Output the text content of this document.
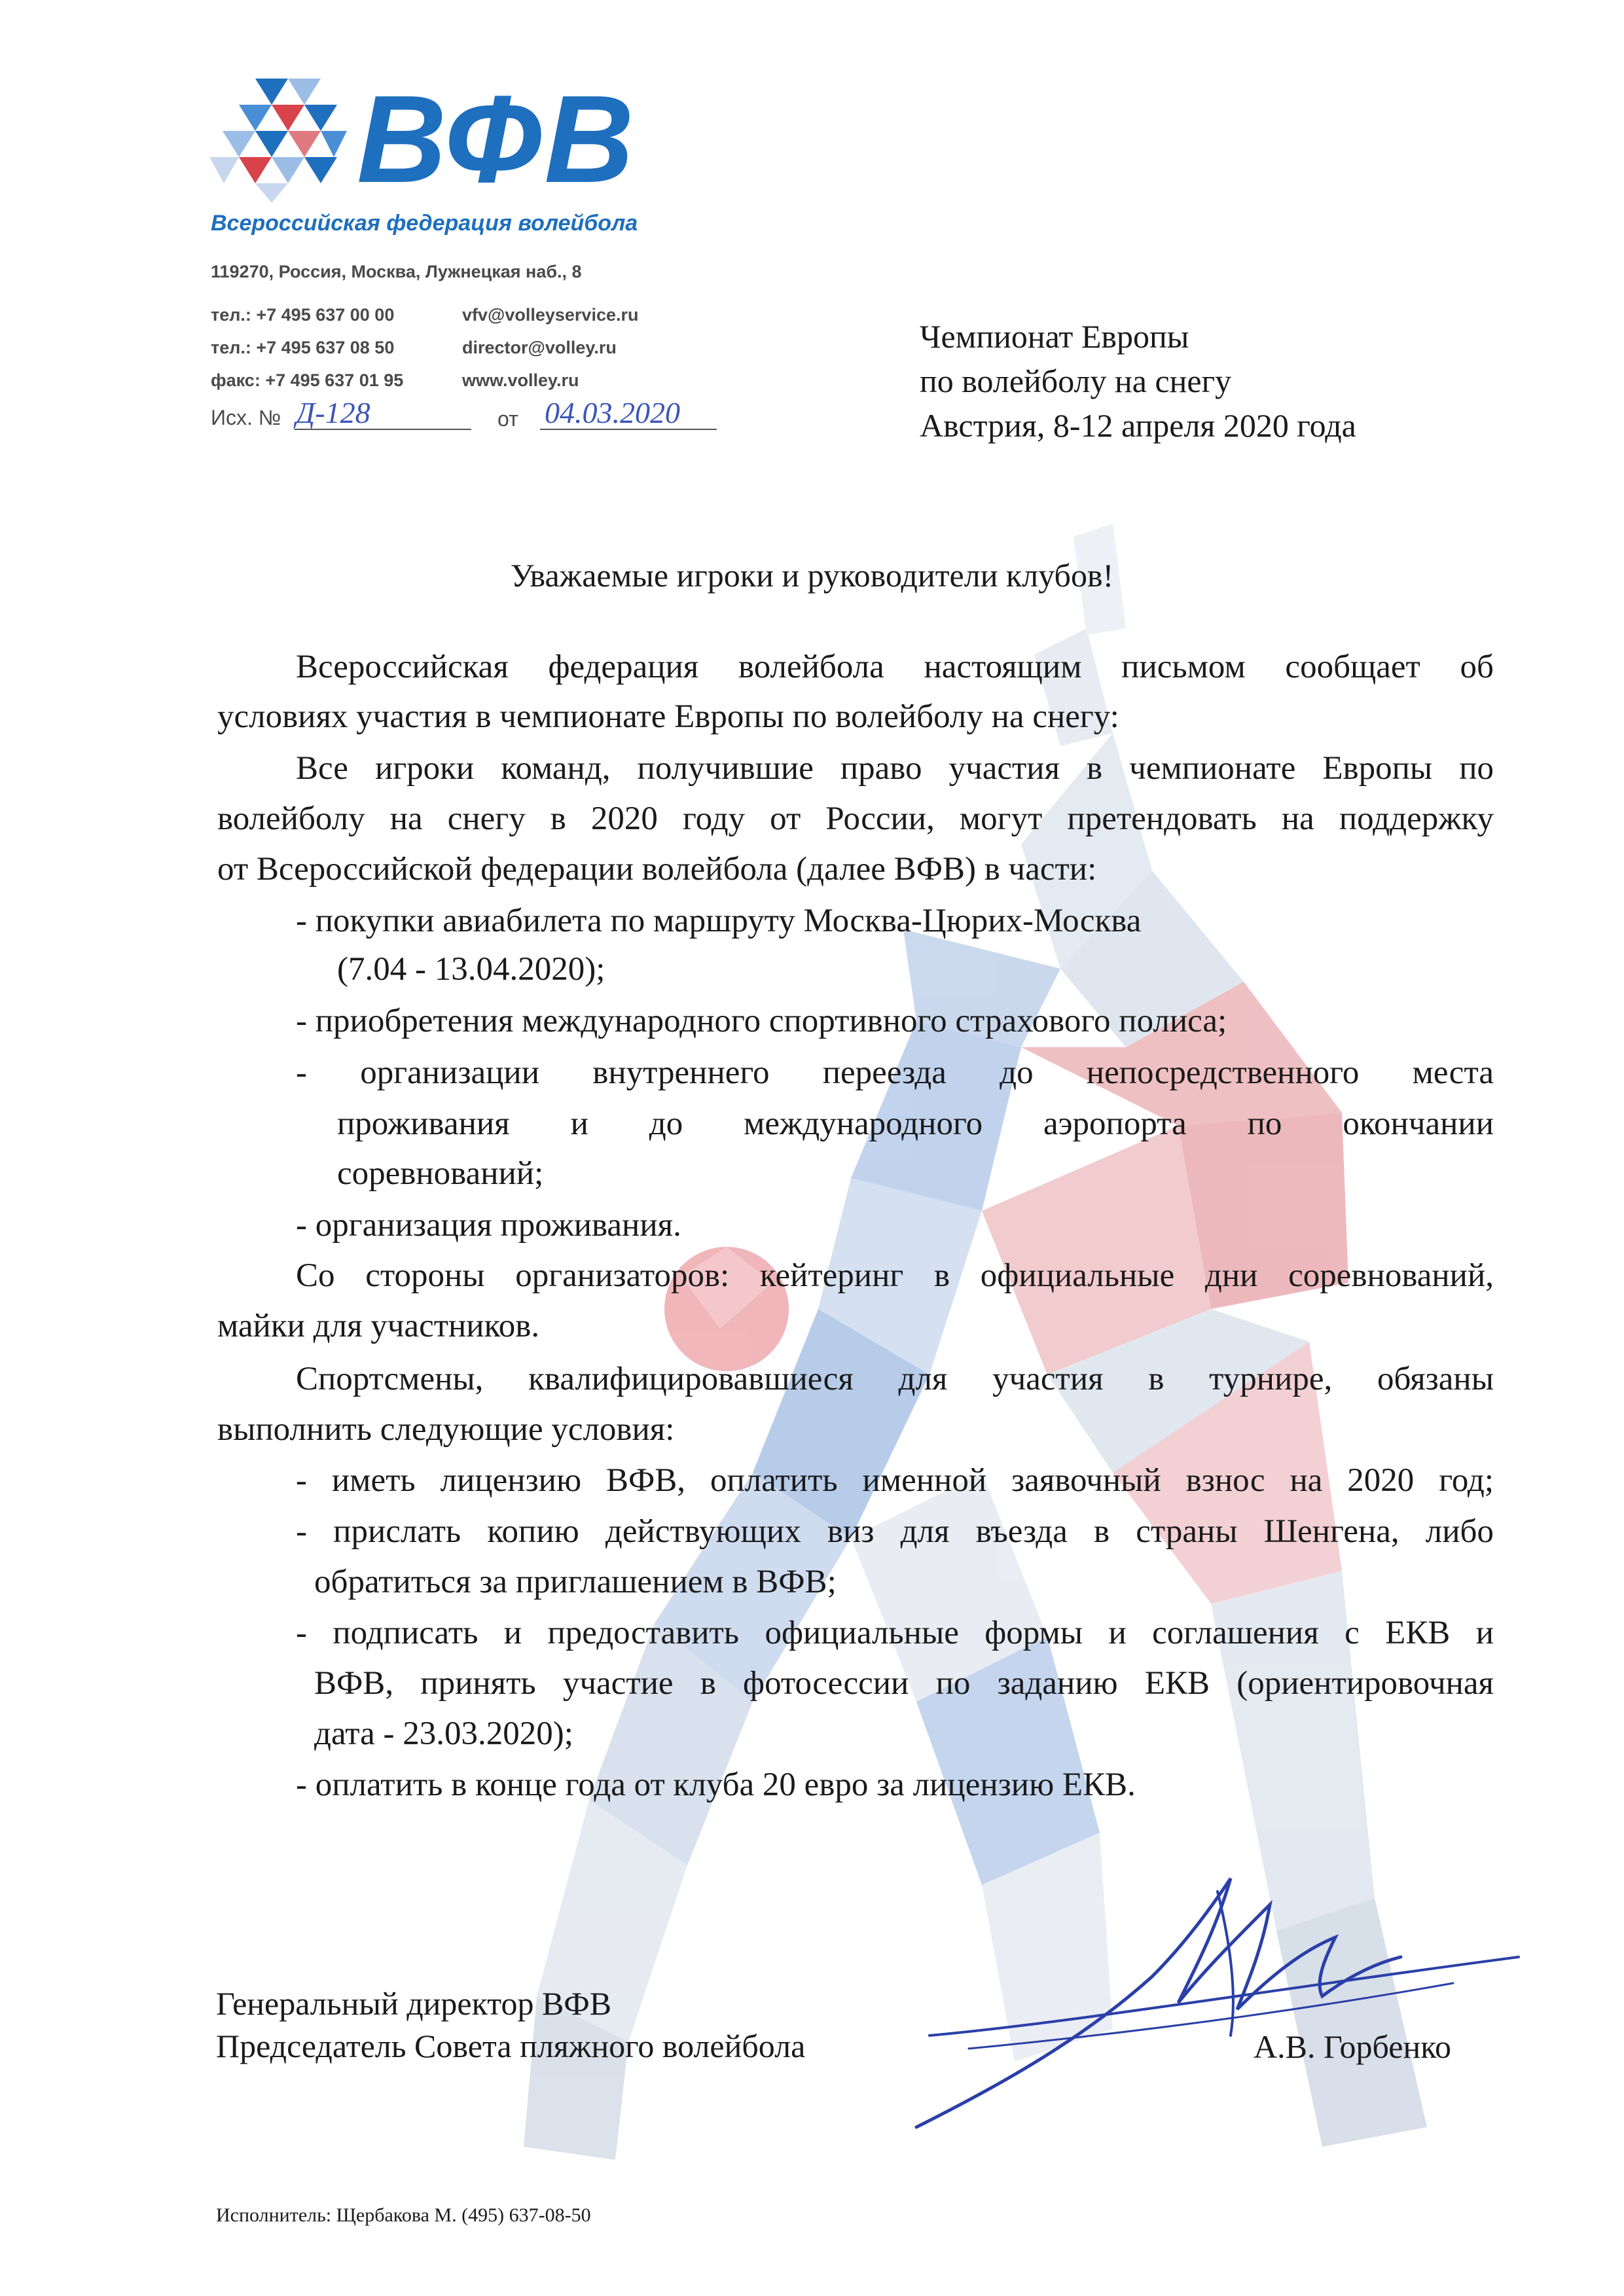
ВФВ
Всероссийская федерация волейбола
119270, Россия, Москва, Лужнецкая наб., 8
тел.: +7 495 637 00 00
тел.: +7 495 637 08 50
факс: +7 495 637 01 95
vfv@volleyservice.ru
director@volley.ru
www.volley.ru
Исх. № Д-128	от 04.03.2020
Чемпионат Европы
по волейболу на снегу
Австрия, 8-12 апреля 2020 года
Уважаемые игроки и руководители клубов!
Всероссийская федерация волейбола настоящим письмом сообщает об
условиях участия в чемпионате Европы по волейболу на снегу:
Все игроки команд, получившие право участия в чемпионате Европы по
волейболу на снегу в 2020 году от России, могут претендовать на поддержку
от Всероссийской федерации волейбола (далее ВФВ) в части:
- покупки авиабилета по маршруту Москва-Цюрих-Москва
(7.04 - 13.04.2020);
- приобретения международного спортивного страхового полиса;
- организации внутреннего переезда до непосредственного места
проживания и до международного аэропорта по окончании
соревнований;
- организация проживания.
Со стороны организаторов: кейтеринг в официальные дни соревнований,
майки для участников.
Спортсмены, квалифицировавшиеся для участия в турнире, обязаны
выполнить следующие условия:
- иметь лицензию ВФВ, оплатить именной заявочный взнос на 2020 год;
- прислать копию действующих виз для въезда в страны Шенгена, либо
обратиться за приглашением в ВФВ;
- подписать и предоставить официальные формы и соглашения с ЕКВ и
ВФВ, принять участие в фотосессии по заданию ЕКВ (ориентировочная
дата - 23.03.2020);
- оплатить в конце года от клуба 20 евро за лицензию ЕКВ.
Генеральный директор ВФВ
Председатель Совета пляжного волейбола	А.В. Горбенко
Исполнитель: Щербакова М. (495) 637-08-50
